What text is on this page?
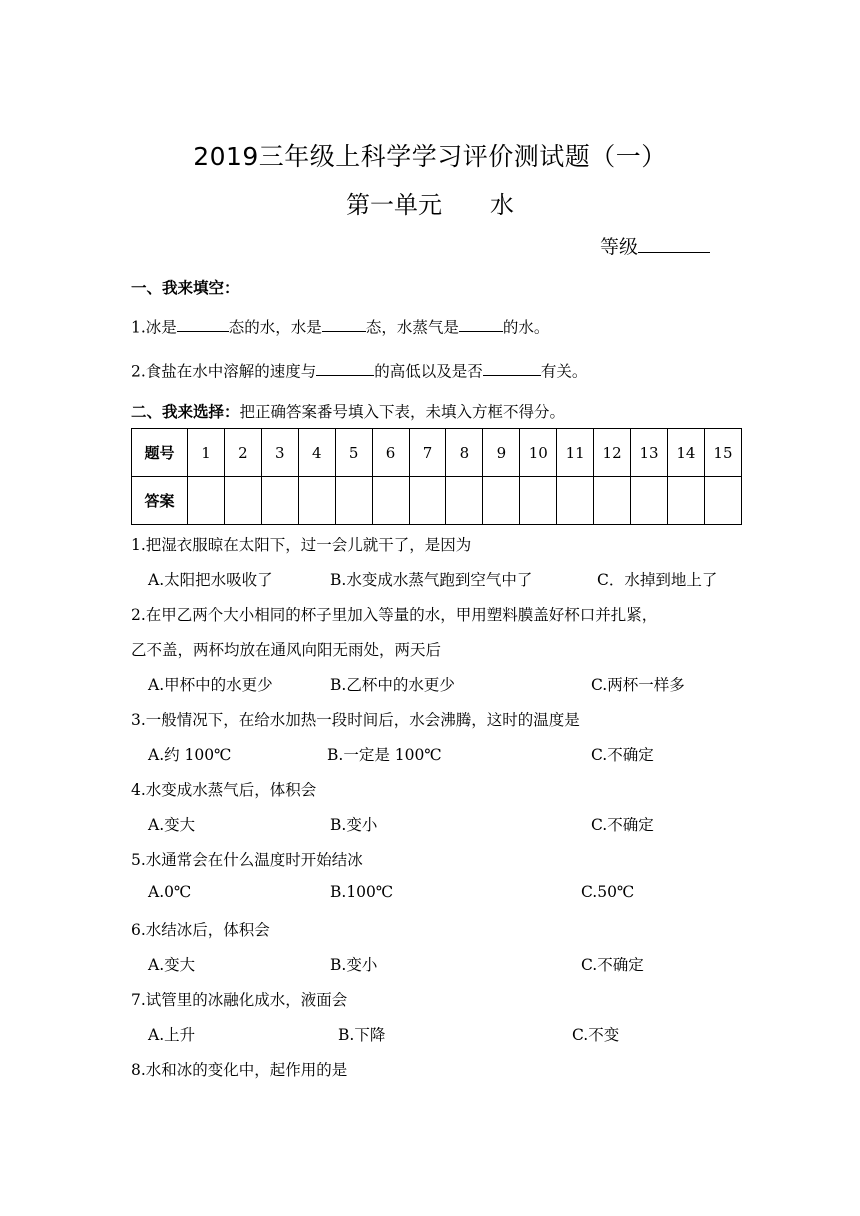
2019三年级上科学学习评价测试题（一）
第一单元　　水
等级
一、我来填空：
1.冰是	态的水，水是	态，水蒸气是	的水。
2.食盐在水中溶解的速度与	的高低以及是否	有关。
二、我来选择：把正确答案番号填入下表，未填入方框不得分。
题号	1	2	3	4	5	6	7	8	9	10	11	12	13	14	15
答案															
1.把湿衣服晾在太阳下，过一会儿就干了，是因为
A.太阳把水吸收了	B.水变成水蒸气跑到空气中了	C．水掉到地上了
2.在甲乙两个大小相同的杯子里加入等量的水，甲用塑料膜盖好杯口并扎紧，
乙不盖，两杯均放在通风向阳无雨处，两天后
A.甲杯中的水更少	B.乙杯中的水更少	C.两杯一样多
3.一般情况下，在给水加热一段时间后，水会沸腾，这时的温度是
A.约 100℃	B.一定是 100℃	C.不确定
4.水变成水蒸气后，体积会
A.变大	B.变小	C.不确定
5.水通常会在什么温度时开始结冰
A.0℃	B.100℃	C.50℃
6.水结冰后，体积会
A.变大	B.变小	C.不确定
7.试管里的冰融化成水，液面会
A.上升	B.下降	C.不变
8.水和冰的变化中，起作用的是
